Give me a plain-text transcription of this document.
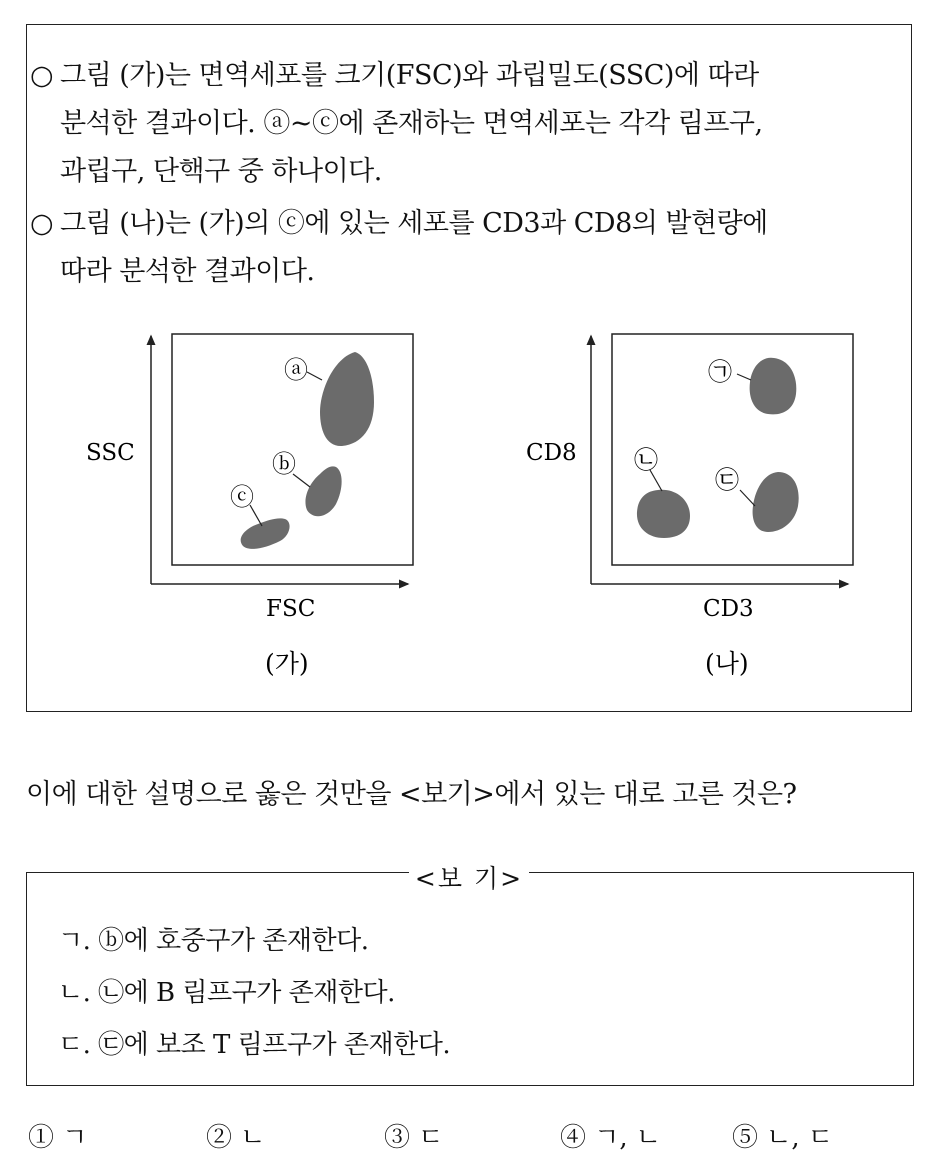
○ 그림 (가)는 면역세포를 크기(FSC)와 과립밀도(SSC)에 따라
분석한 결과이다. ⓐ~ⓒ에 존재하는 면역세포는 각각 림프구,
과립구, 단핵구 중 하나이다.
○ 그림 (나)는 (가)의 ⓒ에 있는 세포를 CD3과 CD8의 발현량에
따라 분석한 결과이다.
SSC
FSC
(가)
ⓐ
ⓑ
ⓒ
CD8
CD3
(나)
㉠
㉡
㉢
이에 대한 설명으로 옳은 것만을 <보기>에서 있는 대로 고른 것은?
<보 기>
ㄱ. ⓑ에 호중구가 존재한다.
ㄴ. ㉡에 B 림프구가 존재한다.
ㄷ. ㉢에 보조 T 림프구가 존재한다.
① ㄱ	② ㄴ	③ ㄷ	④ ㄱ, ㄴ	⑤ ㄴ, ㄷ
